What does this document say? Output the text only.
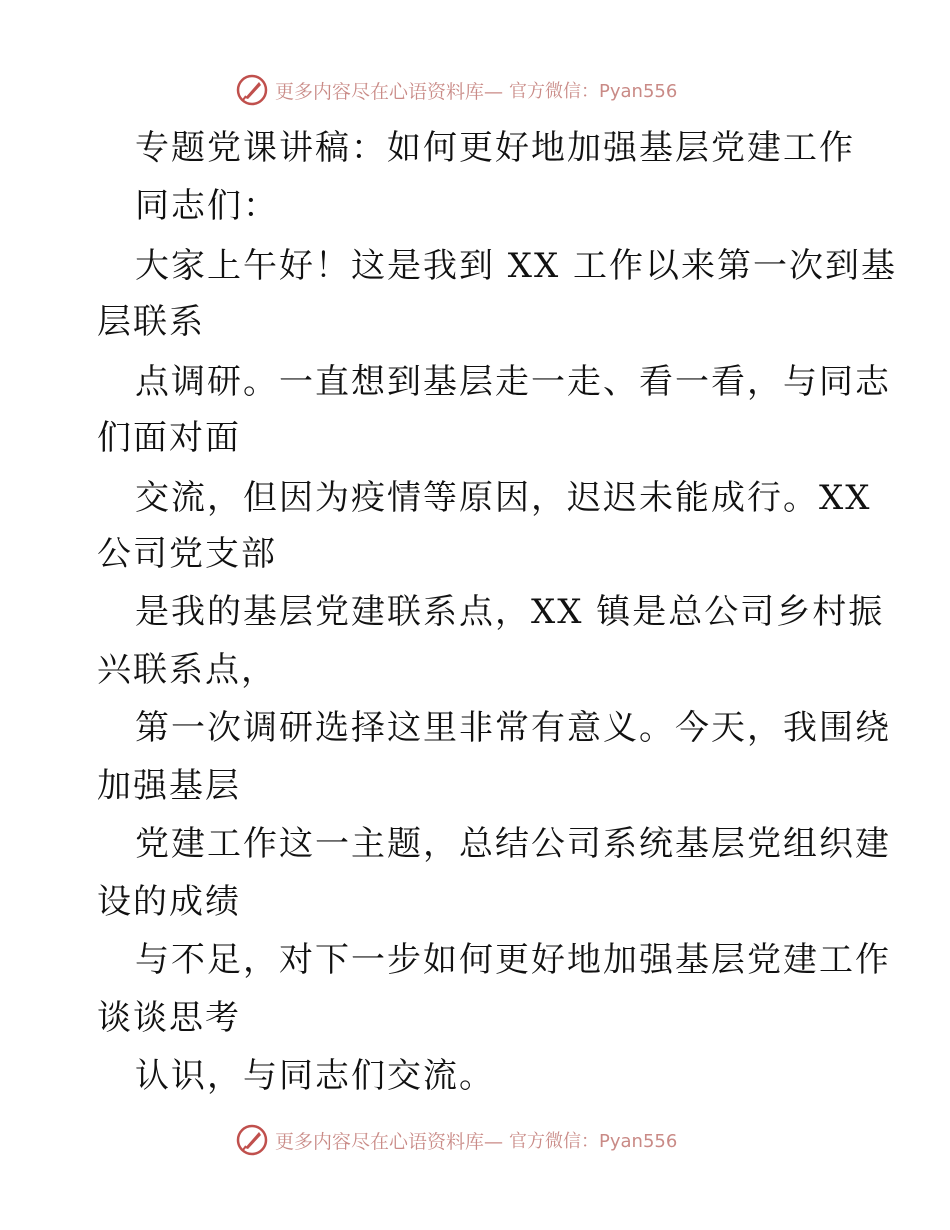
更多内容尽在心语资料库— 官方微信：Pyan556
专题党课讲稿：如何更好地加强基层党建工作
同志们：
大家上午好！这是我到 XX 工作以来第一次到基
层联系
点调研。一直想到基层走一走、看一看，与同志
们面对面
交流，但因为疫情等原因，迟迟未能成行。XX
公司党支部
是我的基层党建联系点，XX 镇是总公司乡村振
兴联系点，
第一次调研选择这里非常有意义。今天，我围绕
加强基层
党建工作这一主题，总结公司系统基层党组织建
设的成绩
与不足，对下一步如何更好地加强基层党建工作
谈谈思考
认识，与同志们交流。
更多内容尽在心语资料库— 官方微信：Pyan556
